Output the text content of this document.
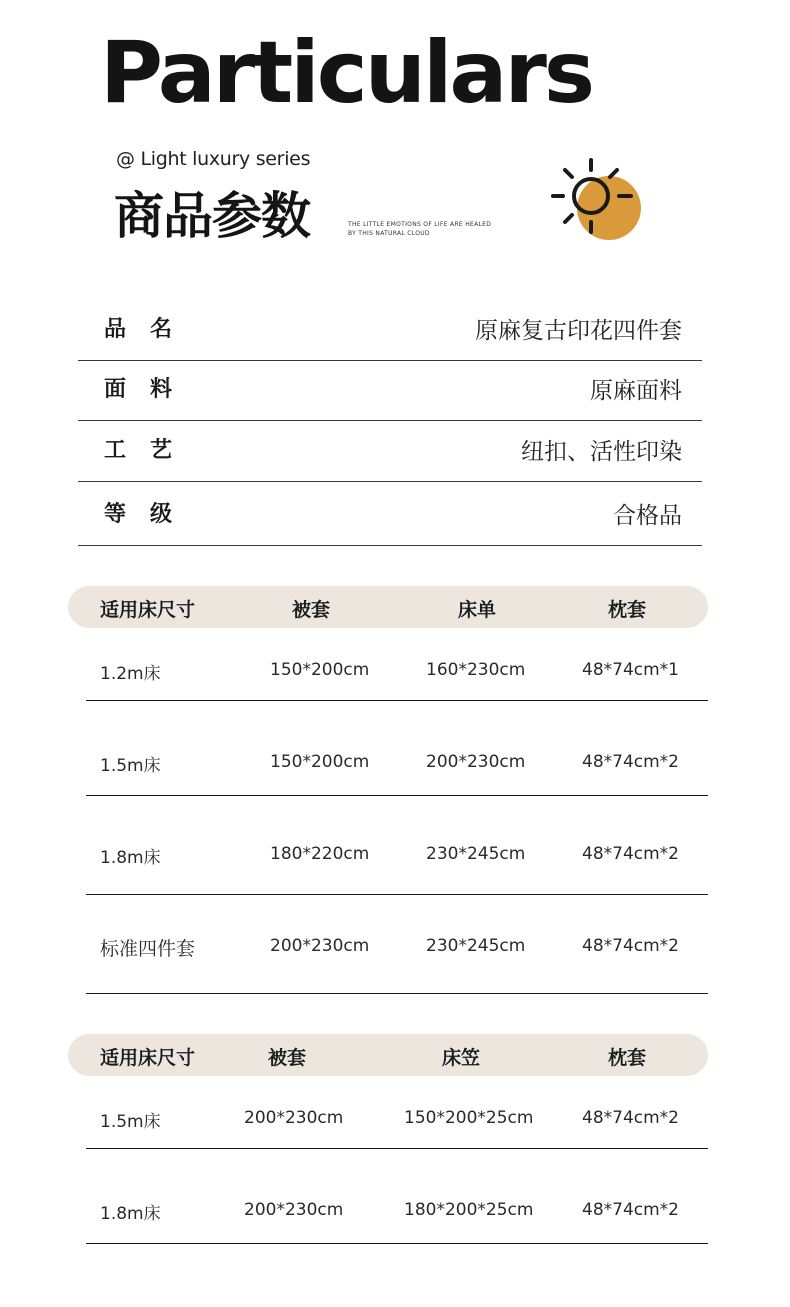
Particulars
@ Light luxury series
商品参数	THE LITTLE EMOTIONS OF LIFE ARE HEALED
BY THIS NATURAL CLOUD
品名	原麻复古印花四件套
面料	原麻面料
工艺	纽扣、活性印染
等级	合格品
适用床尺寸	被套	床单	枕套
1.2m床	150*200cm	160*230cm	48*74cm*1
1.5m床	150*200cm	200*230cm	48*74cm*2
1.8m床	180*220cm	230*245cm	48*74cm*2
标准四件套	200*230cm	230*245cm	48*74cm*2
适用床尺寸	被套	床笠	枕套
1.5m床	200*230cm	150*200*25cm	48*74cm*2
1.8m床	200*230cm	180*200*25cm	48*74cm*2
